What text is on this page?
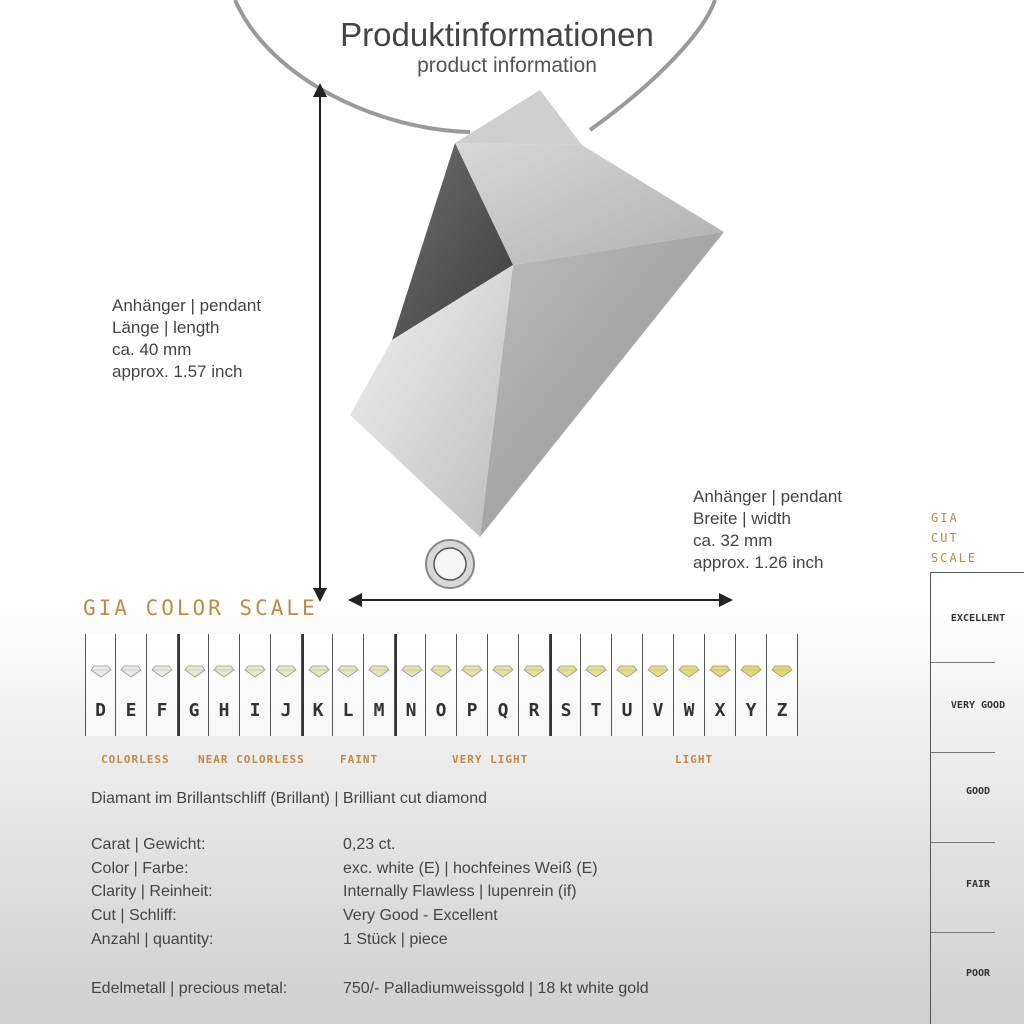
Produktinformationen
product information
Anhänger | pendant
Länge | length
ca. 40 mm
approx. 1.57 inch
Anhänger | pendant
Breite | width
ca. 32 mm
approx. 1.26 inch
GIA COLOR SCALE
D	E	F	G	H	I	J	K	L	M	N	O	P	Q	R	S	T	U	V	W	X	Y	Z
COLORLESS	NEAR COLORLESS	FAINT	VERY LIGHT	LIGHT
Diamant im Brillantschliff (Brillant) | Brilliant cut diamond
Carat | Gewicht:	0,23 ct.
Color | Farbe:	exc. white (E) | hochfeines Weiß (E)
Clarity | Reinheit:	Internally Flawless | lupenrein (if)
Cut | Schliff:	Very Good - Excellent
Anzahl | quantity:	1 Stück | piece
Edelmetall | precious metal:	750/- Palladiumweissgold | 18 kt white gold
GIA
CUT
SCALE
EXCELLENT
VERY GOOD
GOOD
FAIR
POOR
